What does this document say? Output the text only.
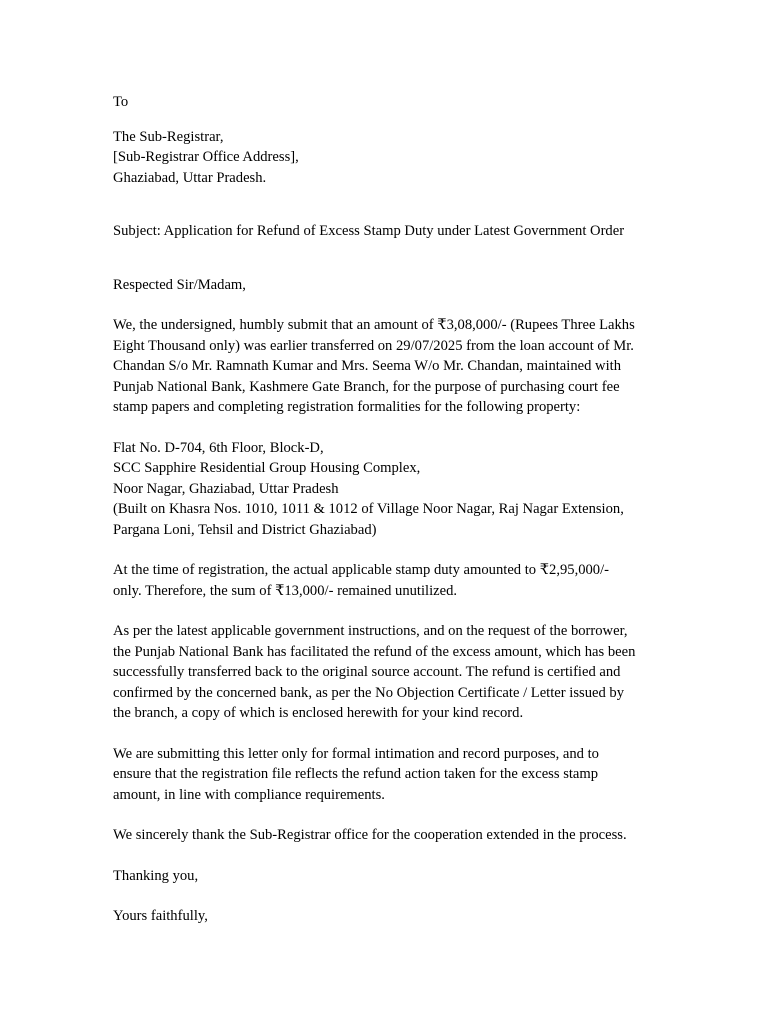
To

The Sub-Registrar,
[Sub-Registrar Office Address],
Ghaziabad, Uttar Pradesh.

Subject: Application for Refund of Excess Stamp Duty under Latest Government Order

Respected Sir/Madam,

We, the undersigned, humbly submit that an amount of ₹3,08,000/- (Rupees Three Lakhs
Eight Thousand only) was earlier transferred on 29/07/2025 from the loan account of Mr.
Chandan S/o Mr. Ramnath Kumar and Mrs. Seema W/o Mr. Chandan, maintained with
Punjab National Bank, Kashmere Gate Branch, for the purpose of purchasing court fee
stamp papers and completing registration formalities for the following property:

Flat No. D-704, 6th Floor, Block-D,
SCC Sapphire Residential Group Housing Complex,
Noor Nagar, Ghaziabad, Uttar Pradesh
(Built on Khasra Nos. 1010, 1011 & 1012 of Village Noor Nagar, Raj Nagar Extension,
Pargana Loni, Tehsil and District Ghaziabad)

At the time of registration, the actual applicable stamp duty amounted to ₹2,95,000/-
only. Therefore, the sum of ₹13,000/- remained unutilized.

As per the latest applicable government instructions, and on the request of the borrower,
the Punjab National Bank has facilitated the refund of the excess amount, which has been
successfully transferred back to the original source account. The refund is certified and
confirmed by the concerned bank, as per the No Objection Certificate / Letter issued by
the branch, a copy of which is enclosed herewith for your kind record.

We are submitting this letter only for formal intimation and record purposes, and to
ensure that the registration file reflects the refund action taken for the excess stamp
amount, in line with compliance requirements.

We sincerely thank the Sub-Registrar office for the cooperation extended in the process.

Thanking you,

Yours faithfully,
